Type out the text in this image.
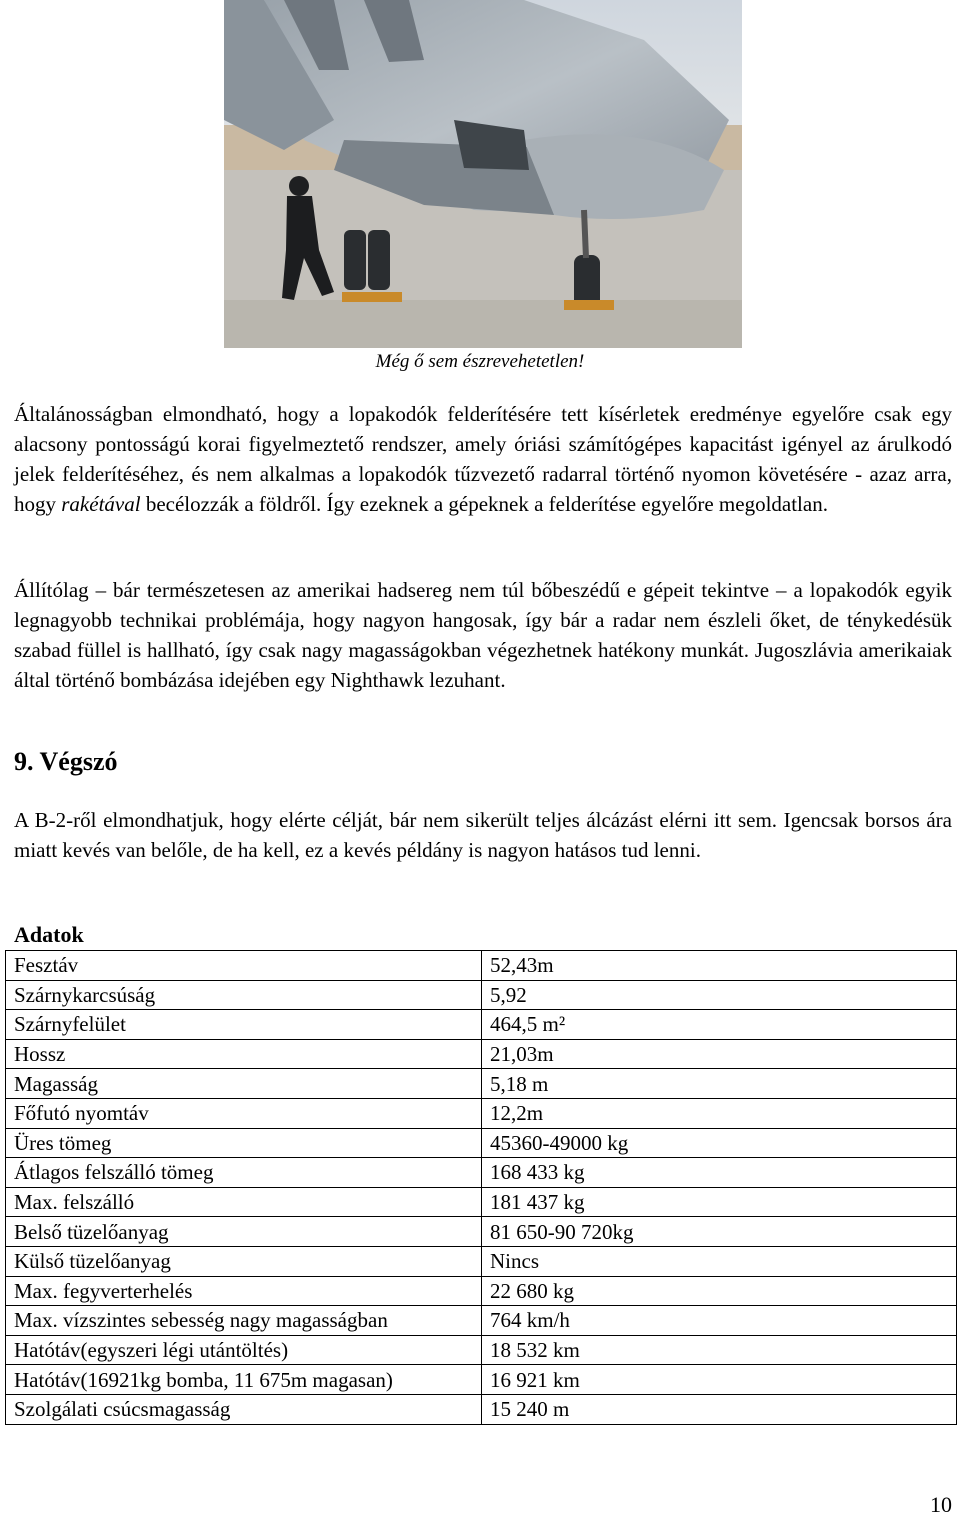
Még ő sem észrevehetetlen!

Általánosságban elmondható, hogy a lopakodók felderítésére tett kísérletek eredménye egyelőre csak egy alacsony pontosságú korai figyelmeztető rendszer, amely óriási számítógépes kapacitást igényel az árulkodó jelek felderítéséhez, és nem alkalmas a lopakodók tűzvezető radarral történő nyomon követésére - azaz arra, hogy rakétával becélozzák a földről. Így ezeknek a gépeknek a felderítése egyelőre megoldatlan.

Állítólag – bár természetesen az amerikai hadsereg nem túl bőbeszédű e gépeit tekintve – a lopakodók egyik legnagyobb technikai problémája, hogy nagyon hangosak, így bár a radar nem észleli őket, de ténykedésük szabad füllel is hallható, így csak nagy magasságokban végezhetnek hatékony munkát. Jugoszlávia amerikaiak által történő bombázása idejében egy Nighthawk lezuhant.

9. Végszó

A B-2-ről elmondhatjuk, hogy elérte célját, bár nem sikerült teljes álcázást elérni itt sem. Igencsak borsos ára miatt kevés van belőle, de ha kell, ez a kevés példány is nagyon hatásos tud lenni.

Adatok
Fesztáv	52,43m
Szárnykarcsúság	5,92
Szárnyfelület	464,5 m²
Hossz	21,03m
Magasság	5,18 m
Főfutó nyomtáv	12,2m
Üres tömeg	45360-49000 kg
Átlagos felszálló tömeg	168 433 kg
Max. felszálló	181 437 kg
Belső tüzelőanyag	81 650-90 720kg
Külső tüzelőanyag	Nincs
Max. fegyverterhelés	22 680 kg
Max. vízszintes sebesség nagy magasságban	764 km/h
Hatótáv(egyszeri légi utántöltés)	18 532 km
Hatótáv(16921kg bomba, 11 675m magasan)	16 921 km
Szolgálati csúcsmagasság	15 240 m
10
